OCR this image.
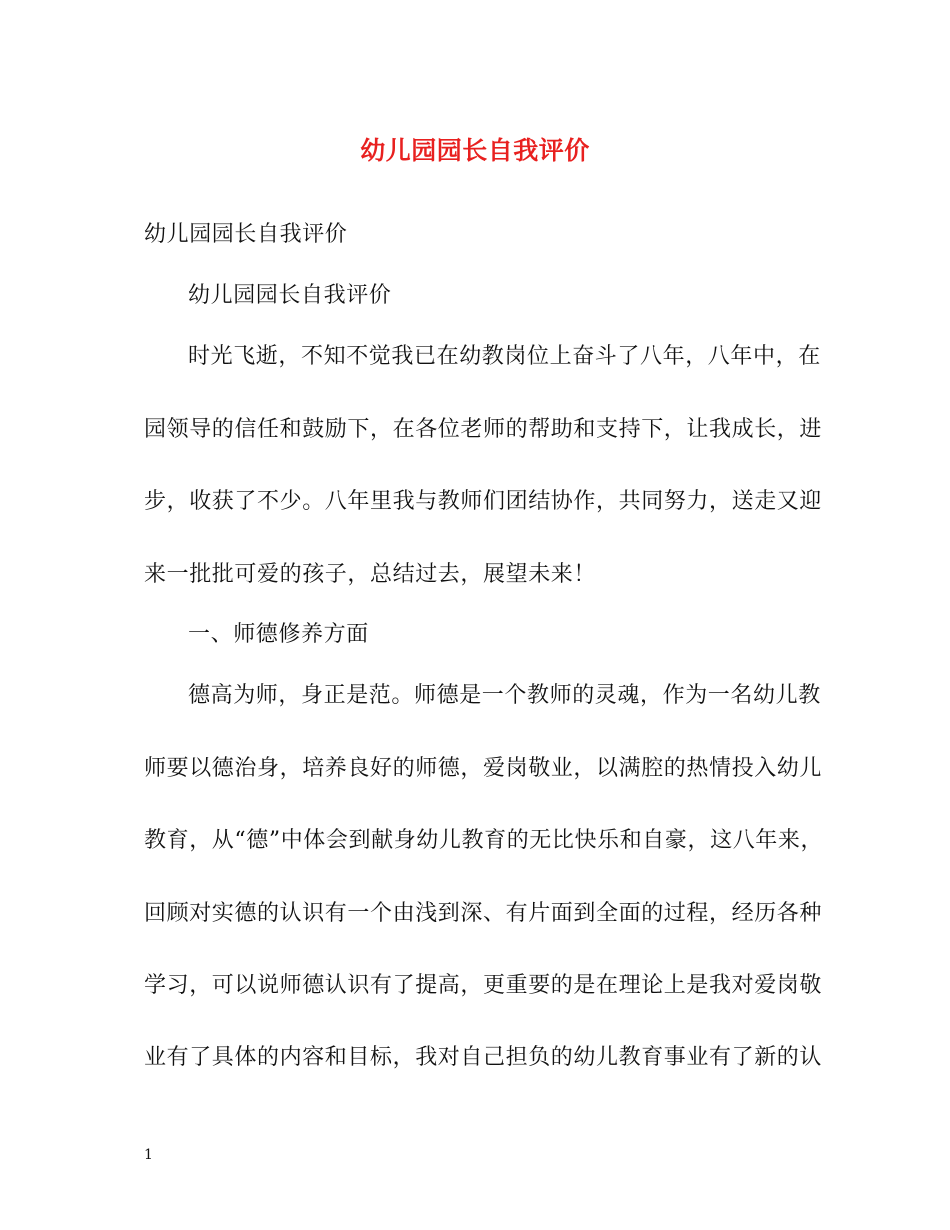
幼儿园园长自我评价
幼儿园园长自我评价
幼儿园园长自我评价
时光飞逝，不知不觉我已在幼教岗位上奋斗了八年，八年中，在
园领导的信任和鼓励下，在各位老师的帮助和支持下，让我成长，进
步，收获了不少。八年里我与教师们团结协作，共同努力，送走又迎
来一批批可爱的孩子，总结过去，展望未来！
一、师德修养方面
德高为师，身正是范。师德是一个教师的灵魂，作为一名幼儿教
师要以德治身，培养良好的师德，爱岗敬业，以满腔的热情投入幼儿
教育，从“德”中体会到献身幼儿教育的无比快乐和自豪，这八年来，
回顾对实德的认识有一个由浅到深、有片面到全面的过程，经历各种
学习，可以说师德认识有了提高，更重要的是在理论上是我对爱岗敬
业有了具体的内容和目标，我对自己担负的幼儿教育事业有了新的认
1
